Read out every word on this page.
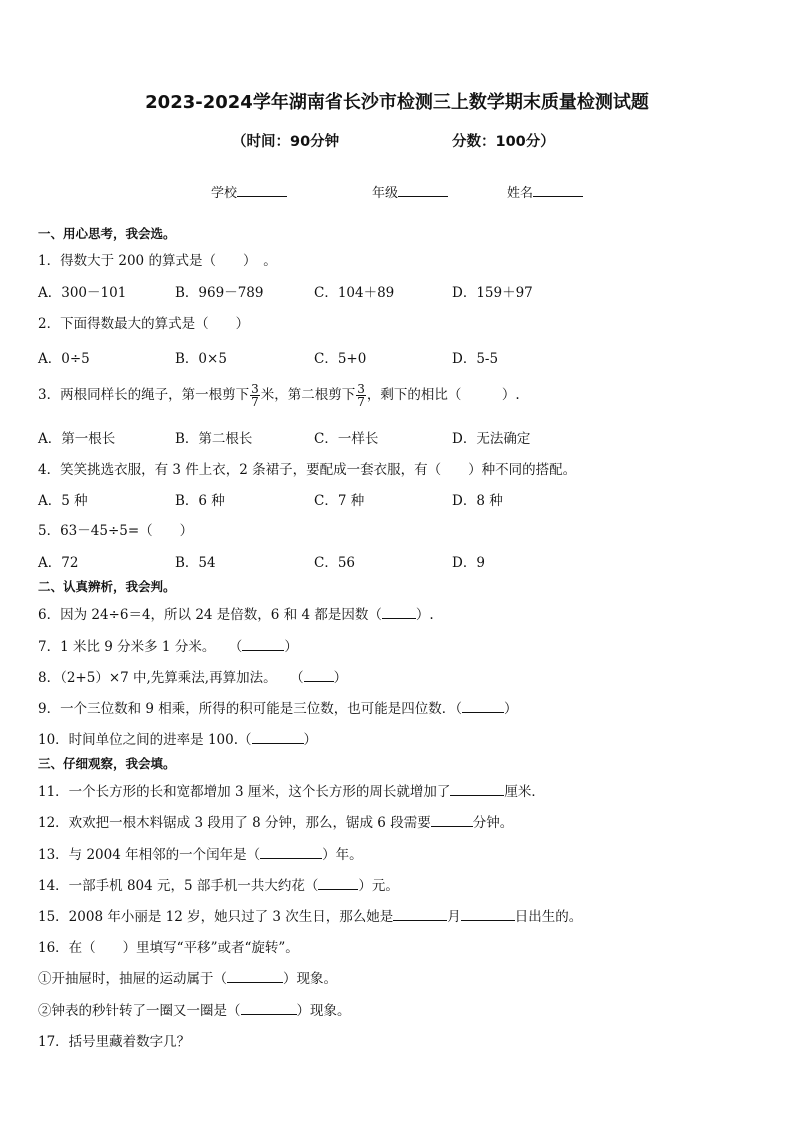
2023-2024学年湖南省长沙市检测三上数学期末质量检测试题
（时间：90分钟	分数：100分）
学校	年级	姓名
一、用心思考，我会选。
1．得数大于 200 的算式是（　　）　。
A．300－101	B．969－789	C．104＋89	D．159＋97
2．下面得数最大的算式是（　　）
A．0÷5	B．0×5	C．5+0	D．5-5
3．两根同样长的绳子，第一根剪下 $\frac{3}{7}$ 米，第二根剪下 $\frac{3}{7}$ ，剩下的相比（　　　）.
A．第一根长	B．第二根长	C．一样长	D．无法确定
4．笑笑挑选衣服，有 3 件上衣，2 条裙子，要配成一套衣服，有（　　）种不同的搭配。
A．5 种	B．6 种	C．7 种	D．8 种
5．63－45÷5=（　　）
A．72	B．54	C．56	D．9
二、认真辨析，我会判。
6．因为 24÷6＝4，所以 24 是倍数，6 和 4 都是因数（	）.
7．1 米比 9 分米多 1 分米。　　（	）
8．（2+5）×7 中,先算乘法,再算加法。　　（ ）
9．一个三位数和 9 相乘，所得的积可能是三位数，也可能是四位数．（	）
10．时间单位之间的进率是 100.（	）
三、仔细观察，我会填。
11．一个长方形的长和宽都增加 3 厘米，这个长方形的周长就增加了	厘米．
12．欢欢把一根木料锯成 3 段用了 8 分钟，那么，锯成 6 段需要	分钟。
13．与 2004 年相邻的一个闰年是（	）年。
14．一部手机 804 元，5 部手机一共大约花（	）元。
15．2008 年小丽是 12 岁，她只过了 3 次生日，那么她是	月	日出生的。
16．在（　　）里填写“平移”或者“旋转”。
①开抽屉时，抽屉的运动属于（	）现象。
②钟表的秒针转了一圈又一圈是（	）现象。
17．括号里藏着数字几？
